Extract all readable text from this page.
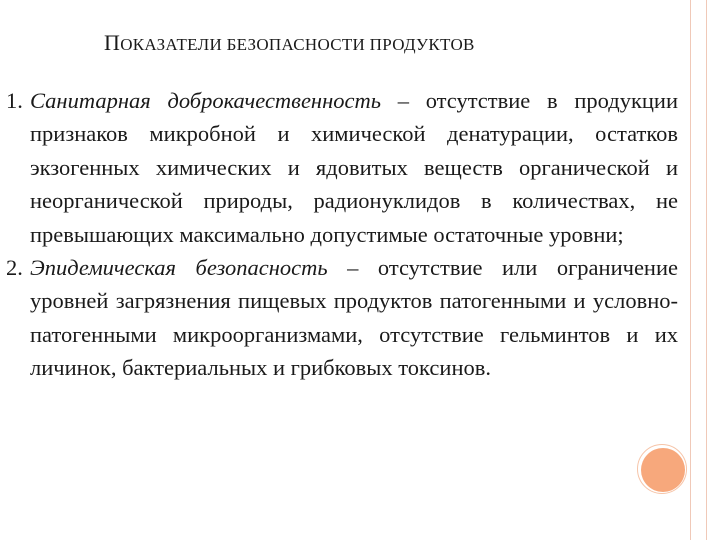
ПОКАЗАТЕЛИ БЕЗОПАСНОСТИ ПРОДУКТОВ
1. Санитарная доброкачественность – отсутствие в продукции признаков микробной и химической денатурации, остатков экзогенных химических и ядовитых веществ органической и неорганической природы, радионуклидов в количествах, не превышающих максимально допустимые остаточные уровни;
2. Эпидемическая безопасность – отсутствие или ограничение уровней загрязнения пищевых продуктов патогенными и условно-патогенными микроорганизмами, отсутствие гельминтов и их личинок, бактериальных и грибковых токсинов.
